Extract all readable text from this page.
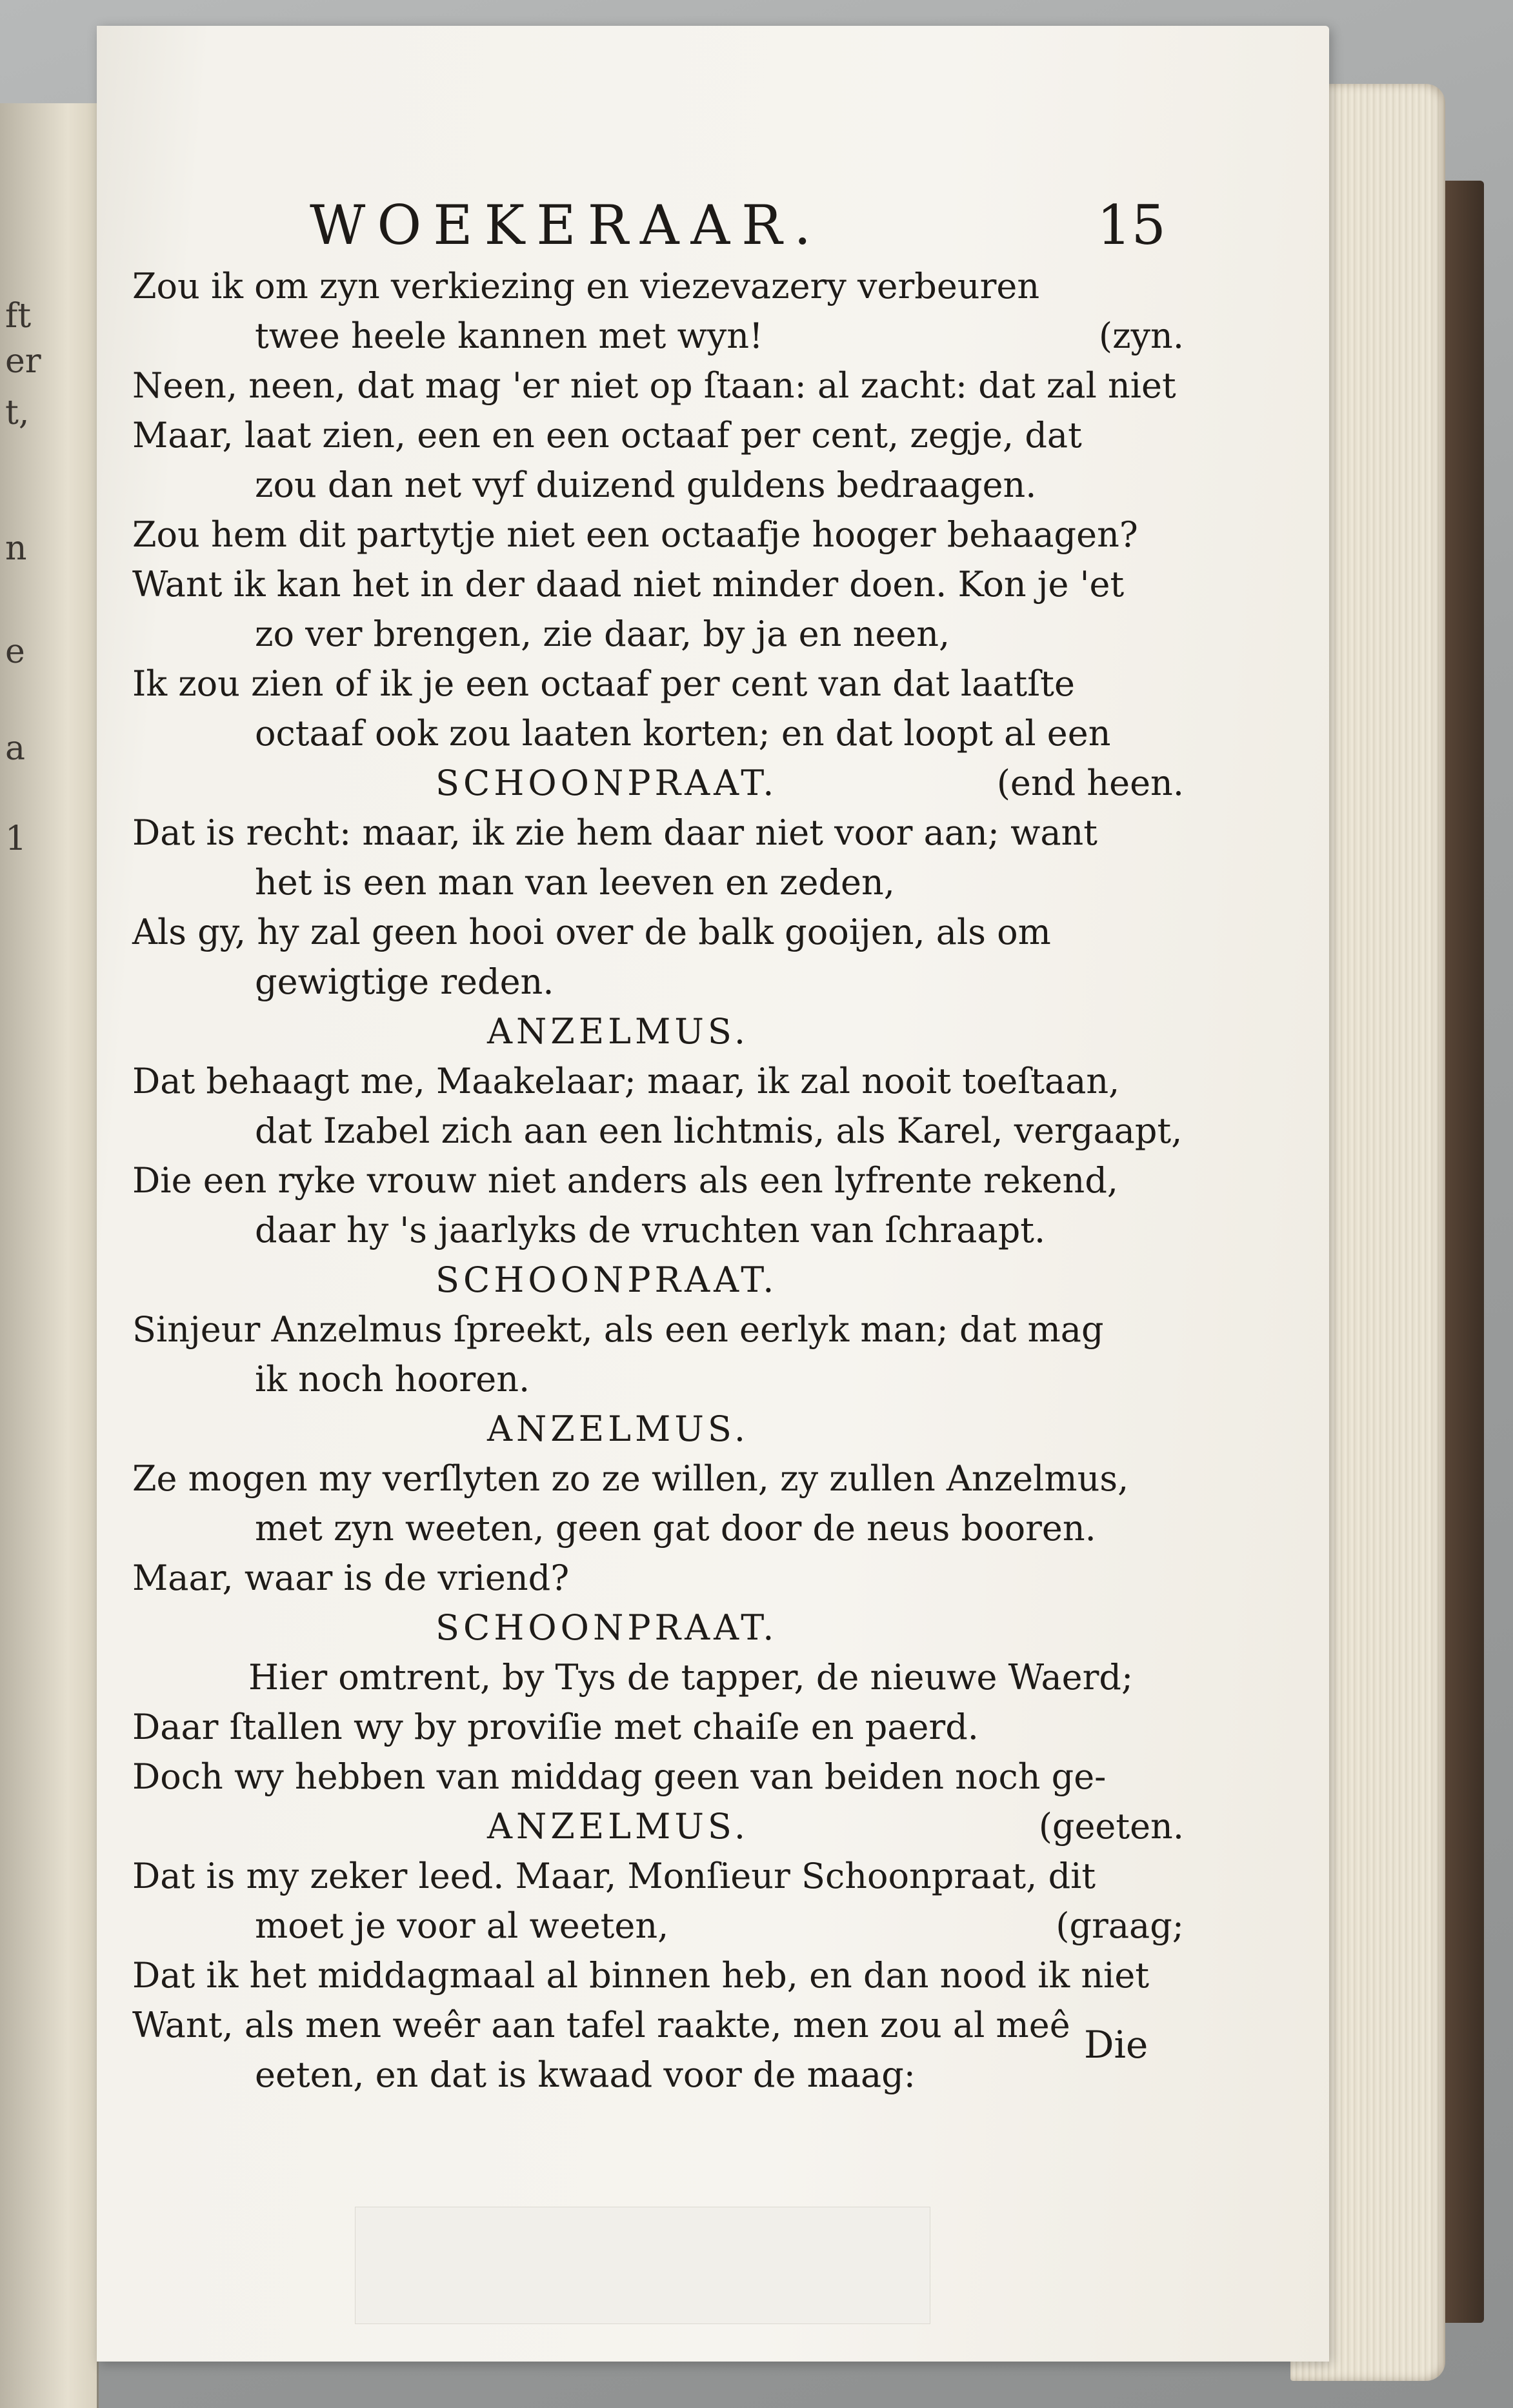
ft
er
t,
n
e
a
1
WOEKERAAR.	15
Zou ik om zyn verkiezing en viezevazery verbeuren
twee heele kannen met wyn!	(zyn.
Neen, neen, dat mag 'er niet op ſtaan: al zacht: dat zal niet
Maar, laat zien, een en een octaaf per cent, zegje, dat
zou dan net vyf duizend guldens bedraagen.
Zou hem dit partytje niet een octaafje hooger behaagen?
Want ik kan het in der daad niet minder doen. Kon je 'et
zo ver brengen, zie daar, by ja en neen,
Ik zou zien of ik je een octaaf per cent van dat laatſte
octaaf ook zou laaten korten; en dat loopt al een
SCHOONPRAAT.	(end heen.
Dat is recht: maar, ik zie hem daar niet voor aan; want
het is een man van leeven en zeden,
Als gy, hy zal geen hooi over de balk gooijen, als om
gewigtige reden.
ANZELMUS.
Dat behaagt me, Maakelaar; maar, ik zal nooit toeſtaan,
dat Izabel zich aan een lichtmis, als Karel, vergaapt,
Die een ryke vrouw niet anders als een lyfrente rekend,
daar hy 's jaarlyks de vruchten van ſchraapt.
SCHOONPRAAT.
Sinjeur Anzelmus ſpreekt, als een eerlyk man; dat mag
ik noch hooren.
ANZELMUS.
Ze mogen my verſlyten zo ze willen, zy zullen Anzelmus,
met zyn weeten, geen gat door de neus booren.
Maar, waar is de vriend?
SCHOONPRAAT.
Hier omtrent, by Tys de tapper, de nieuwe Waerd;
Daar ſtallen wy by proviſie met chaiſe en paerd.
Doch wy hebben van middag geen van beiden noch ge-
ANZELMUS.	(geeten.
Dat is my zeker leed. Maar, Monſieur Schoonpraat, dit
moet je voor al weeten,	(graag;
Dat ik het middagmaal al binnen heb, en dan nood ik niet
Want, als men weêr aan tafel raakte, men zou al meê
eeten, en dat is kwaad voor de maag:
Die
